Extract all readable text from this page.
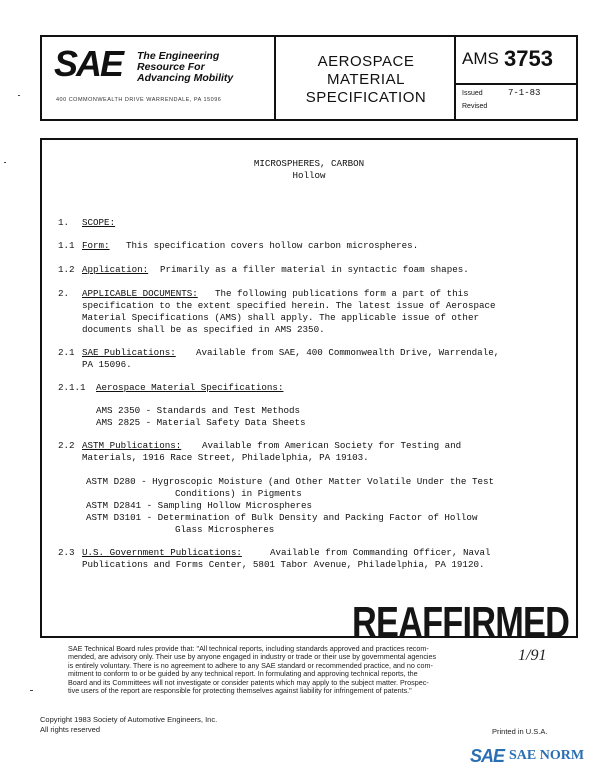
SAE The Engineering
Resource For
Advancing Mobility
400 COMMONWEALTH DRIVE WARRENDALE, PA 15096
AEROSPACE
MATERIAL
SPECIFICATION
AMS 3753
Issued	7-1-83
Revised
MICROSPHERES, CARBON
Hollow
1. SCOPE:
1.1 Form: This specification covers hollow carbon microspheres.
1.2 Application: Primarily as a filler material in syntactic foam shapes.
2. APPLICABLE DOCUMENTS: The following publications form a part of this
specification to the extent specified herein. The latest issue of Aerospace
Material Specifications (AMS) shall apply. The applicable issue of other
documents shall be as specified in AMS 2350.
2.1 SAE Publications: Available from SAE, 400 Commonwealth Drive, Warrendale,
PA 15096.
2.1.1 Aerospace Material Specifications:
AMS 2350 - Standards and Test Methods
AMS 2825 - Material Safety Data Sheets
2.2 ASTM Publications: Available from American Society for Testing and
Materials, 1916 Race Street, Philadelphia, PA 19103.
ASTM D280 - Hygroscopic Moisture (and Other Matter Volatile Under the Test
Conditions) in Pigments
ASTM D2841 - Sampling Hollow Microspheres
ASTM D3101 - Determination of Bulk Density and Packing Factor of Hollow
Glass Microspheres
2.3 U.S. Government Publications:	Available from Commanding Officer, Naval
Publications and Forms Center, 5801 Tabor Avenue, Philadelphia, PA 19120.
REAFFIRMED
1/91
SAE Technical Board rules provide that: "All technical reports, including standards approved and practices recom-
mended, are advisory only. Their use by anyone engaged in industry or trade or their use by governmental agencies
is entirely voluntary. There is no agreement to adhere to any SAE standard or recommended practice, and no com-
mitment to conform to or be guided by any technical report. In formulating and approving technical reports, the
Board and its Committees will not investigate or consider patents which may apply to the subject matter. Prospec-
tive users of the report are responsible for protecting themselves against liability for infringement of patents."
Copyright 1983 Society of Automotive Engineers, Inc.
All rights reserved	Printed in U.S.A.
SAE SAE NORM
